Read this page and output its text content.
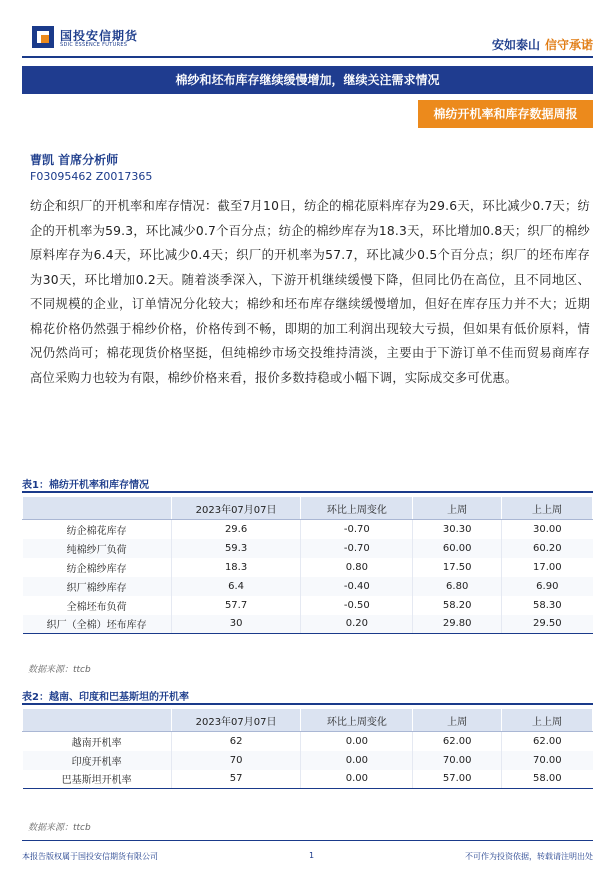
国投安信期货
SDIC ESSENCE FUTURES	安如泰山 信守承诺
棉纱和坯布库存继续缓慢增加，继续关注需求情况
棉纺开机率和库存数据周报
曹凯 首席分析师
F03095462 Z0017365
纺企和织厂的开机率和库存情况：截至7月10日，纺企的棉花原料库存为29.6天，环比减少0.7天；纺企的开机率为59.3，环比减少0.7个百分点；纺企的棉纱库存为18.3天，环比增加0.8天；织厂的棉纱原料库存为6.4天，环比减少0.4天；织厂的开机率为57.7，环比减少0.5个百分点；织厂的坯布库存为30天，环比增加0.2天。随着淡季深入，下游开机继续缓慢下降，但同比仍在高位，且不同地区、不同规模的企业，订单情况分化较大；棉纱和坯布库存继续缓慢增加，但好在库存压力并不大；近期棉花价格仍然强于棉纱价格，价格传到不畅，即期的加工利润出现较大亏损，但如果有低价原料，情况仍然尚可；棉花现货价格坚挺，但纯棉纱市场交投维持清淡，主要由于下游订单不佳而贸易商库存高位采购力也较为有限，棉纱价格来看，报价多数持稳或小幅下调，实际成交多可优惠。
表1：棉纺开机率和库存情况
	2023年07月07日	环比上周变化	上周	上上周
纺企棉花库存	29.6	-0.70	30.30	30.00
纯棉纱厂负荷	59.3	-0.70	60.00	60.20
纺企棉纱库存	18.3	0.80	17.50	17.00
织厂棉纱库存	6.4	-0.40	6.80	6.90
全棉坯布负荷	57.7	-0.50	58.20	58.30
织厂（全棉）坯布库存	30	0.20	29.80	29.50
数据来源：ttcb
表2：越南、印度和巴基斯坦的开机率
	2023年07月07日	环比上周变化	上周	上上周
越南开机率	62	0.00	62.00	62.00
印度开机率	70	0.00	70.00	70.00
巴基斯坦开机率	57	0.00	57.00	58.00
数据来源：ttcb
本报告版权属于国投安信期货有限公司	1	不可作为投资依据，转载请注明出处
